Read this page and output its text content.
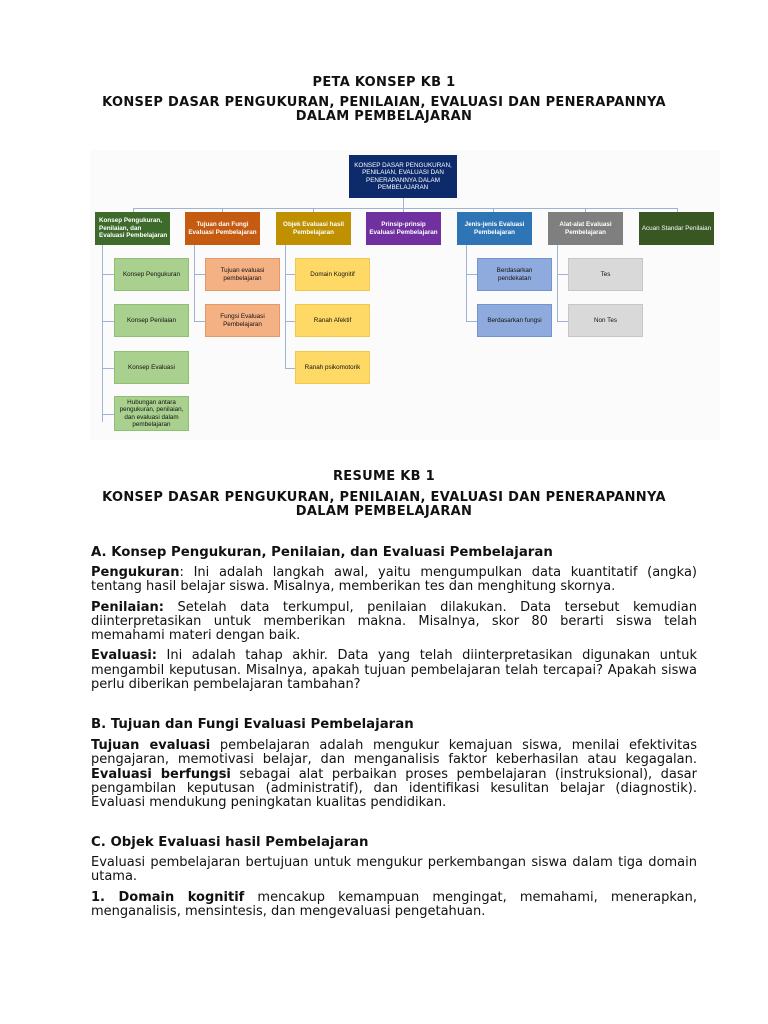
PETA KONSEP KB 1
KONSEP DASAR PENGUKURAN, PENILAIAN, EVALUASI DAN PENERAPANNYA
DALAM PEMBELAJARAN
KONSEP DASAR PENGUKURAN, PENILAIAN, EVALUASI DAN PENERAPANNYA DALAM PEMBELAJARAN
Konsep Pengukuran, Penilaian, dan Evaluasi Pembelajaran
Tujuan dan Fungi Evaluasi Pembelajaran
Objek Evaluasi hasil Pembelajaran
Prinsip-prinsip Evaluasi Pembelajaran
Jenis-jenis Evaluasi Pembelajaran
Alat-alat Evaluasi Pembelajaran
Acuan Standar Penilaian
Konsep Pengukuran
Konsep Penilaian
Konsep Evaluasi
Hubungan antara pengukuran, penilaian, dan evaluasi dalam pembelajaran
Tujuan evaluasi pembelajaran
Fungsi Evaluasi Pembelajaran
Domain Kognitif
Ranah Afektif
Ranah psikomotorik
Berdasarkan pendekatan
Berdasarkan fungsi
Tes
Non Tes
RESUME KB 1
KONSEP DASAR PENGUKURAN, PENILAIAN, EVALUASI DAN PENERAPANNYA
DALAM PEMBELAJARAN
A. Konsep Pengukuran, Penilaian, dan Evaluasi Pembelajaran

Pengukuran: Ini adalah langkah awal, yaitu mengumpulkan data kuantitatif (angka) tentang hasil belajar siswa. Misalnya, memberikan tes dan menghitung skornya.

Penilaian: Setelah data terkumpul, penilaian dilakukan. Data tersebut kemudian diinterpretasikan untuk memberikan makna. Misalnya, skor 80 berarti siswa telah memahami materi dengan baik.

Evaluasi: Ini adalah tahap akhir. Data yang telah diinterpretasikan digunakan untuk mengambil keputusan. Misalnya, apakah tujuan pembelajaran telah tercapai? Apakah siswa perlu diberikan pembelajaran tambahan?

B. Tujuan dan Fungi Evaluasi Pembelajaran

Tujuan evaluasi pembelajaran adalah mengukur kemajuan siswa, menilai efektivitas pengajaran, memotivasi belajar, dan menganalisis faktor keberhasilan atau kegagalan. Evaluasi berfungsi sebagai alat perbaikan proses pembelajaran (instruksional), dasar pengambilan keputusan (administratif), dan identifikasi kesulitan belajar (diagnostik). Evaluasi mendukung peningkatan kualitas pendidikan.

C. Objek Evaluasi hasil Pembelajaran

Evaluasi pembelajaran bertujuan untuk mengukur perkembangan siswa dalam tiga domain utama.

1. Domain kognitif mencakup kemampuan mengingat, memahami, menerapkan, menganalisis, mensintesis, dan mengevaluasi pengetahuan.
